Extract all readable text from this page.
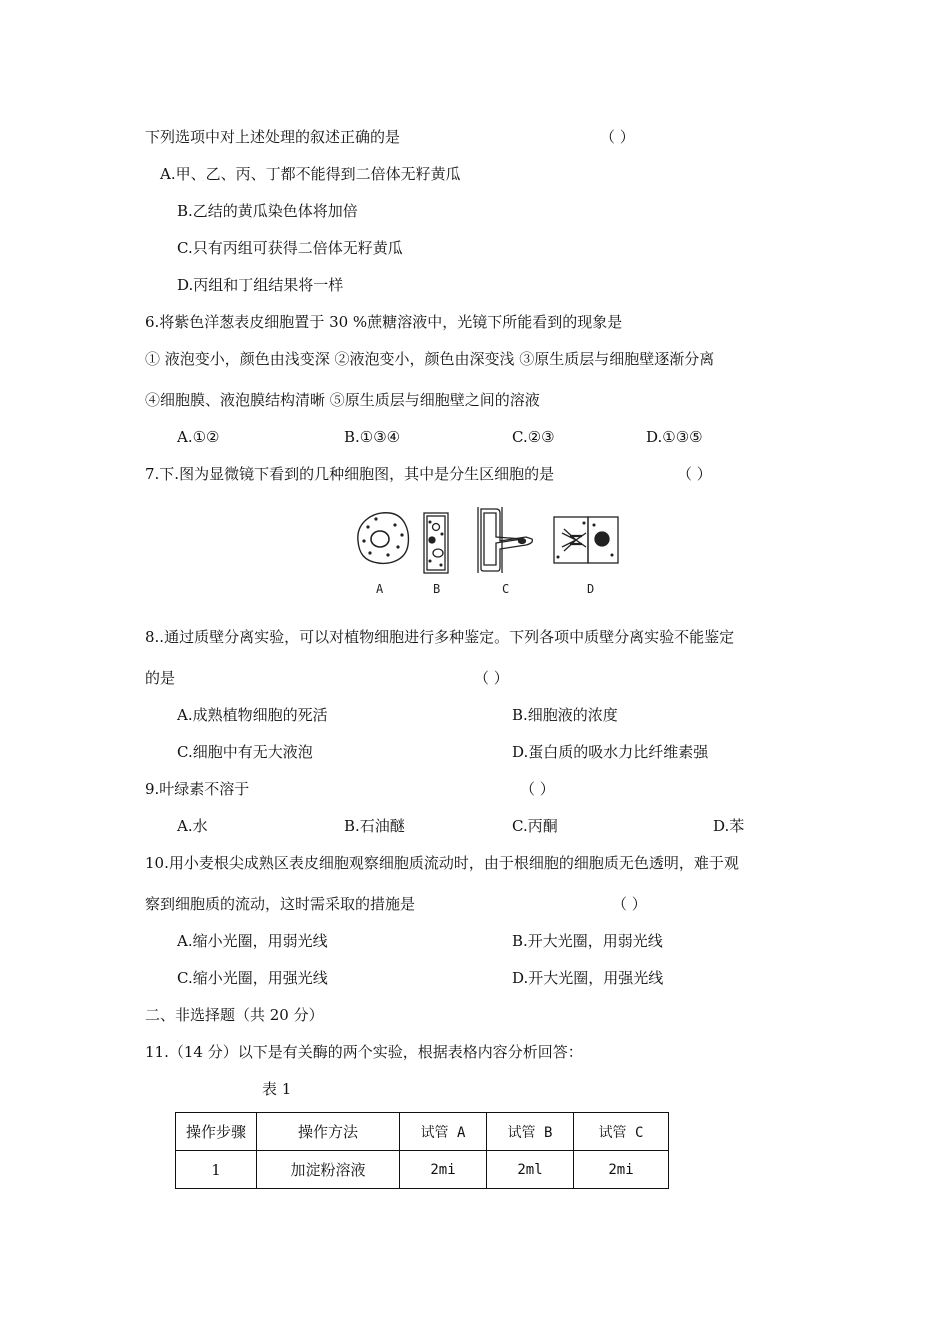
下列选项中对上述处理的叙述正确的是	（ ）
A.甲、乙、丙、丁都不能得到二倍体无籽黄瓜
B.乙结的黄瓜染色体将加倍
C.只有丙组可获得二倍体无籽黄瓜
D.丙组和丁组结果将一样
6.将紫色洋葱表皮细胞置于 30 %蔗糖溶液中，光镜下所能看到的现象是
① 液泡变小，颜色由浅变深 ②液泡变小，颜色由深变浅 ③原生质层与细胞壁逐渐分离
④细胞膜、液泡膜结构清晰 ⑤原生质层与细胞壁之间的溶液
A.①②	B.①③④	C.②③	D.①③⑤
7.下.图为显微镜下看到的几种细胞图，其中是分生区细胞的是	（ ）
A	B	C	D
8..通过质壁分离实验，可以对植物细胞进行多种鉴定。下列各项中质壁分离实验不能鉴定
的是	（ ）
A.成熟植物细胞的死活	B.细胞液的浓度
C.细胞中有无大液泡	D.蛋白质的吸水力比纤维素强
9.叶绿素不溶于	（ ）
A.水	B.石油醚	C.丙酮	D.苯
10.用小麦根尖成熟区表皮细胞观察细胞质流动时，由于根细胞的细胞质无色透明，难于观
察到细胞质的流动，这时需采取的措施是	（ ）
A.缩小光圈，用弱光线	B.开大光圈，用弱光线
C.缩小光圈，用强光线	D.开大光圈，用强光线
二、非选择题（共 20 分）
11.（14 分）以下是有关酶的两个实验，根据表格内容分析回答：
表 1
操作步骤	操作方法	试管 A	试管 B	试管 C
1	加淀粉溶液	2mi	2ml	2mi
